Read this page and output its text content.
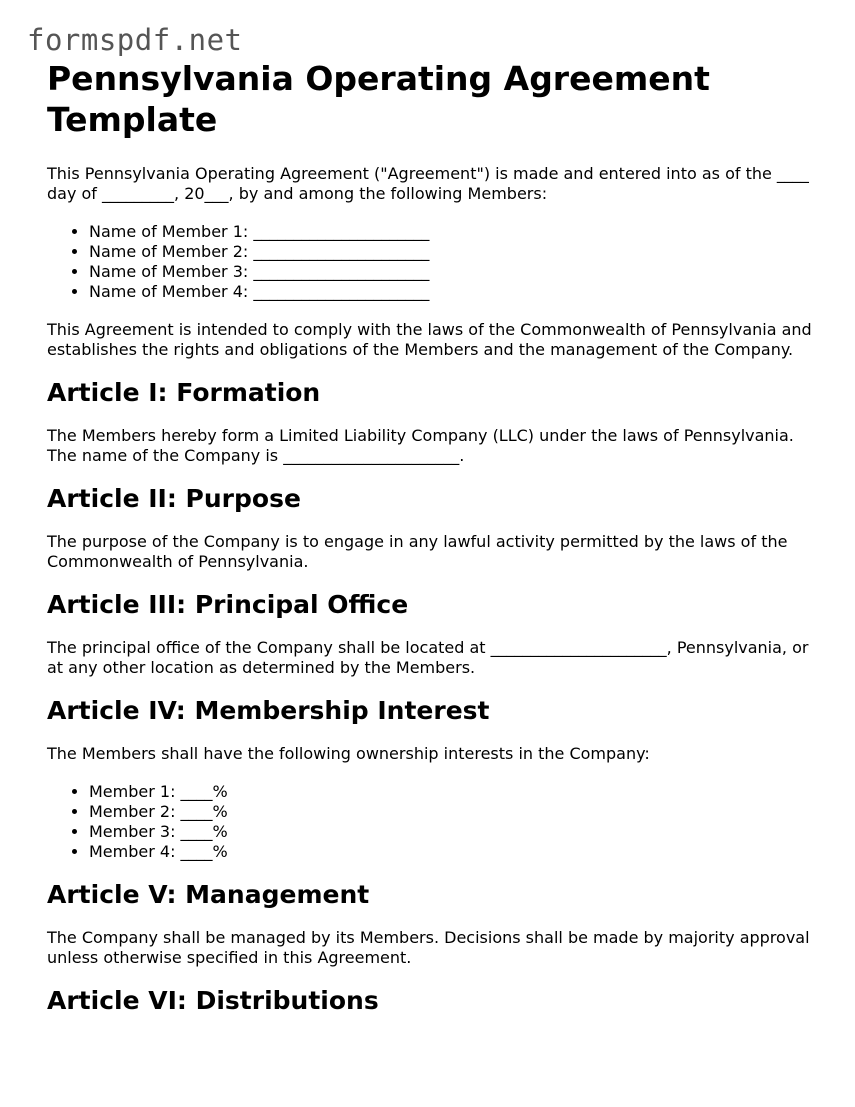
formspdf.net
Pennsylvania Operating Agreement Template

This Pennsylvania Operating Agreement ("Agreement") is made and entered into as of the ____ day of _________, 20___, by and among the following Members:

• Name of Member 1: ______________________
• Name of Member 2: ______________________
• Name of Member 3: ______________________
• Name of Member 4: ______________________

This Agreement is intended to comply with the laws of the Commonwealth of Pennsylvania and establishes the rights and obligations of the Members and the management of the Company.

Article I: Formation

The Members hereby form a Limited Liability Company (LLC) under the laws of Pennsylvania. The name of the Company is ______________________.

Article II: Purpose

The purpose of the Company is to engage in any lawful activity permitted by the laws of the Commonwealth of Pennsylvania.

Article III: Principal Office

The principal office of the Company shall be located at ______________________, Pennsylvania, or at any other location as determined by the Members.

Article IV: Membership Interest

The Members shall have the following ownership interests in the Company:

• Member 1: ____%
• Member 2: ____%
• Member 3: ____%
• Member 4: ____%
Article V: Management

The Company shall be managed by its Members. Decisions shall be made by majority approval unless otherwise specified in this Agreement.

Article VI: Distributions
